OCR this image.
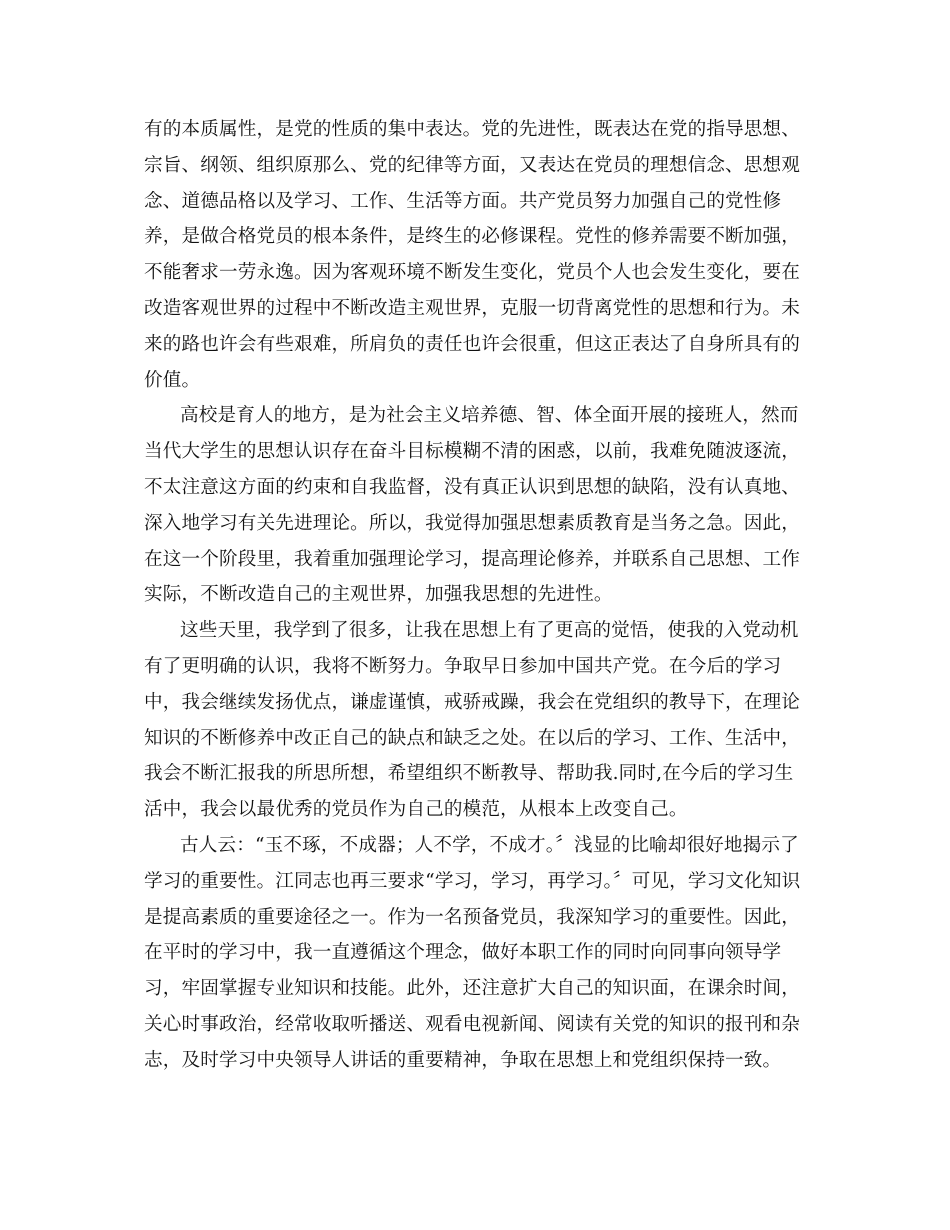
有的本质属性，是党的性质的集中表达。党的先进性，既表达在党的指导思想、
宗旨、纲领、组织原那么、党的纪律等方面，又表达在党员的理想信念、思想观
念、道德品格以及学习、工作、生活等方面。共产党员努力加强自己的党性修
养，是做合格党员的根本条件，是终生的必修课程。党性的修养需要不断加强，
不能奢求一劳永逸。因为客观环境不断发生变化，党员个人也会发生变化，要在
改造客观世界的过程中不断改造主观世界，克服一切背离党性的思想和行为。未
来的路也许会有些艰难，所肩负的责任也许会很重，但这正表达了自身所具有的
价值。
高校是育人的地方，是为社会主义培养德、智、体全面开展的接班人，然而
当代大学生的思想认识存在奋斗目标模糊不清的困惑，以前，我难免随波逐流，
不太注意这方面的约束和自我监督，没有真正认识到思想的缺陷，没有认真地、
深入地学习有关先进理论。所以，我觉得加强思想素质教育是当务之急。因此，
在这一个阶段里，我着重加强理论学习，提高理论修养，并联系自己思想、工作
实际，不断改造自己的主观世界，加强我思想的先进性。
这些天里，我学到了很多，让我在思想上有了更高的觉悟，使我的入党动机
有了更明确的认识，我将不断努力。争取早日参加中国共产党。在今后的学习
中，我会继续发扬优点，谦虚谨慎，戒骄戒躁，我会在党组织的教导下，在理论
知识的不断修养中改正自己的缺点和缺乏之处。在以后的学习、工作、生活中，
我会不断汇报我的所思所想，希望组织不断教导、帮助我.同时,在今后的学习生
活中，我会以最优秀的党员作为自己的模范，从根本上改变自己。
古人云：“玉不琢，不成器；人不学，不成才。〞浅显的比喻却很好地揭示了
学习的重要性。江同志也再三要求“学习，学习，再学习。〞可见，学习文化知识
是提高素质的重要途径之一。作为一名预备党员，我深知学习的重要性。因此，
在平时的学习中，我一直遵循这个理念，做好本职工作的同时向同事向领导学
习，牢固掌握专业知识和技能。此外，还注意扩大自己的知识面，在课余时间，
关心时事政治，经常收取听播送、观看电视新闻、阅读有关党的知识的报刊和杂
志，及时学习中央领导人讲话的重要精神，争取在思想上和党组织保持一致。
